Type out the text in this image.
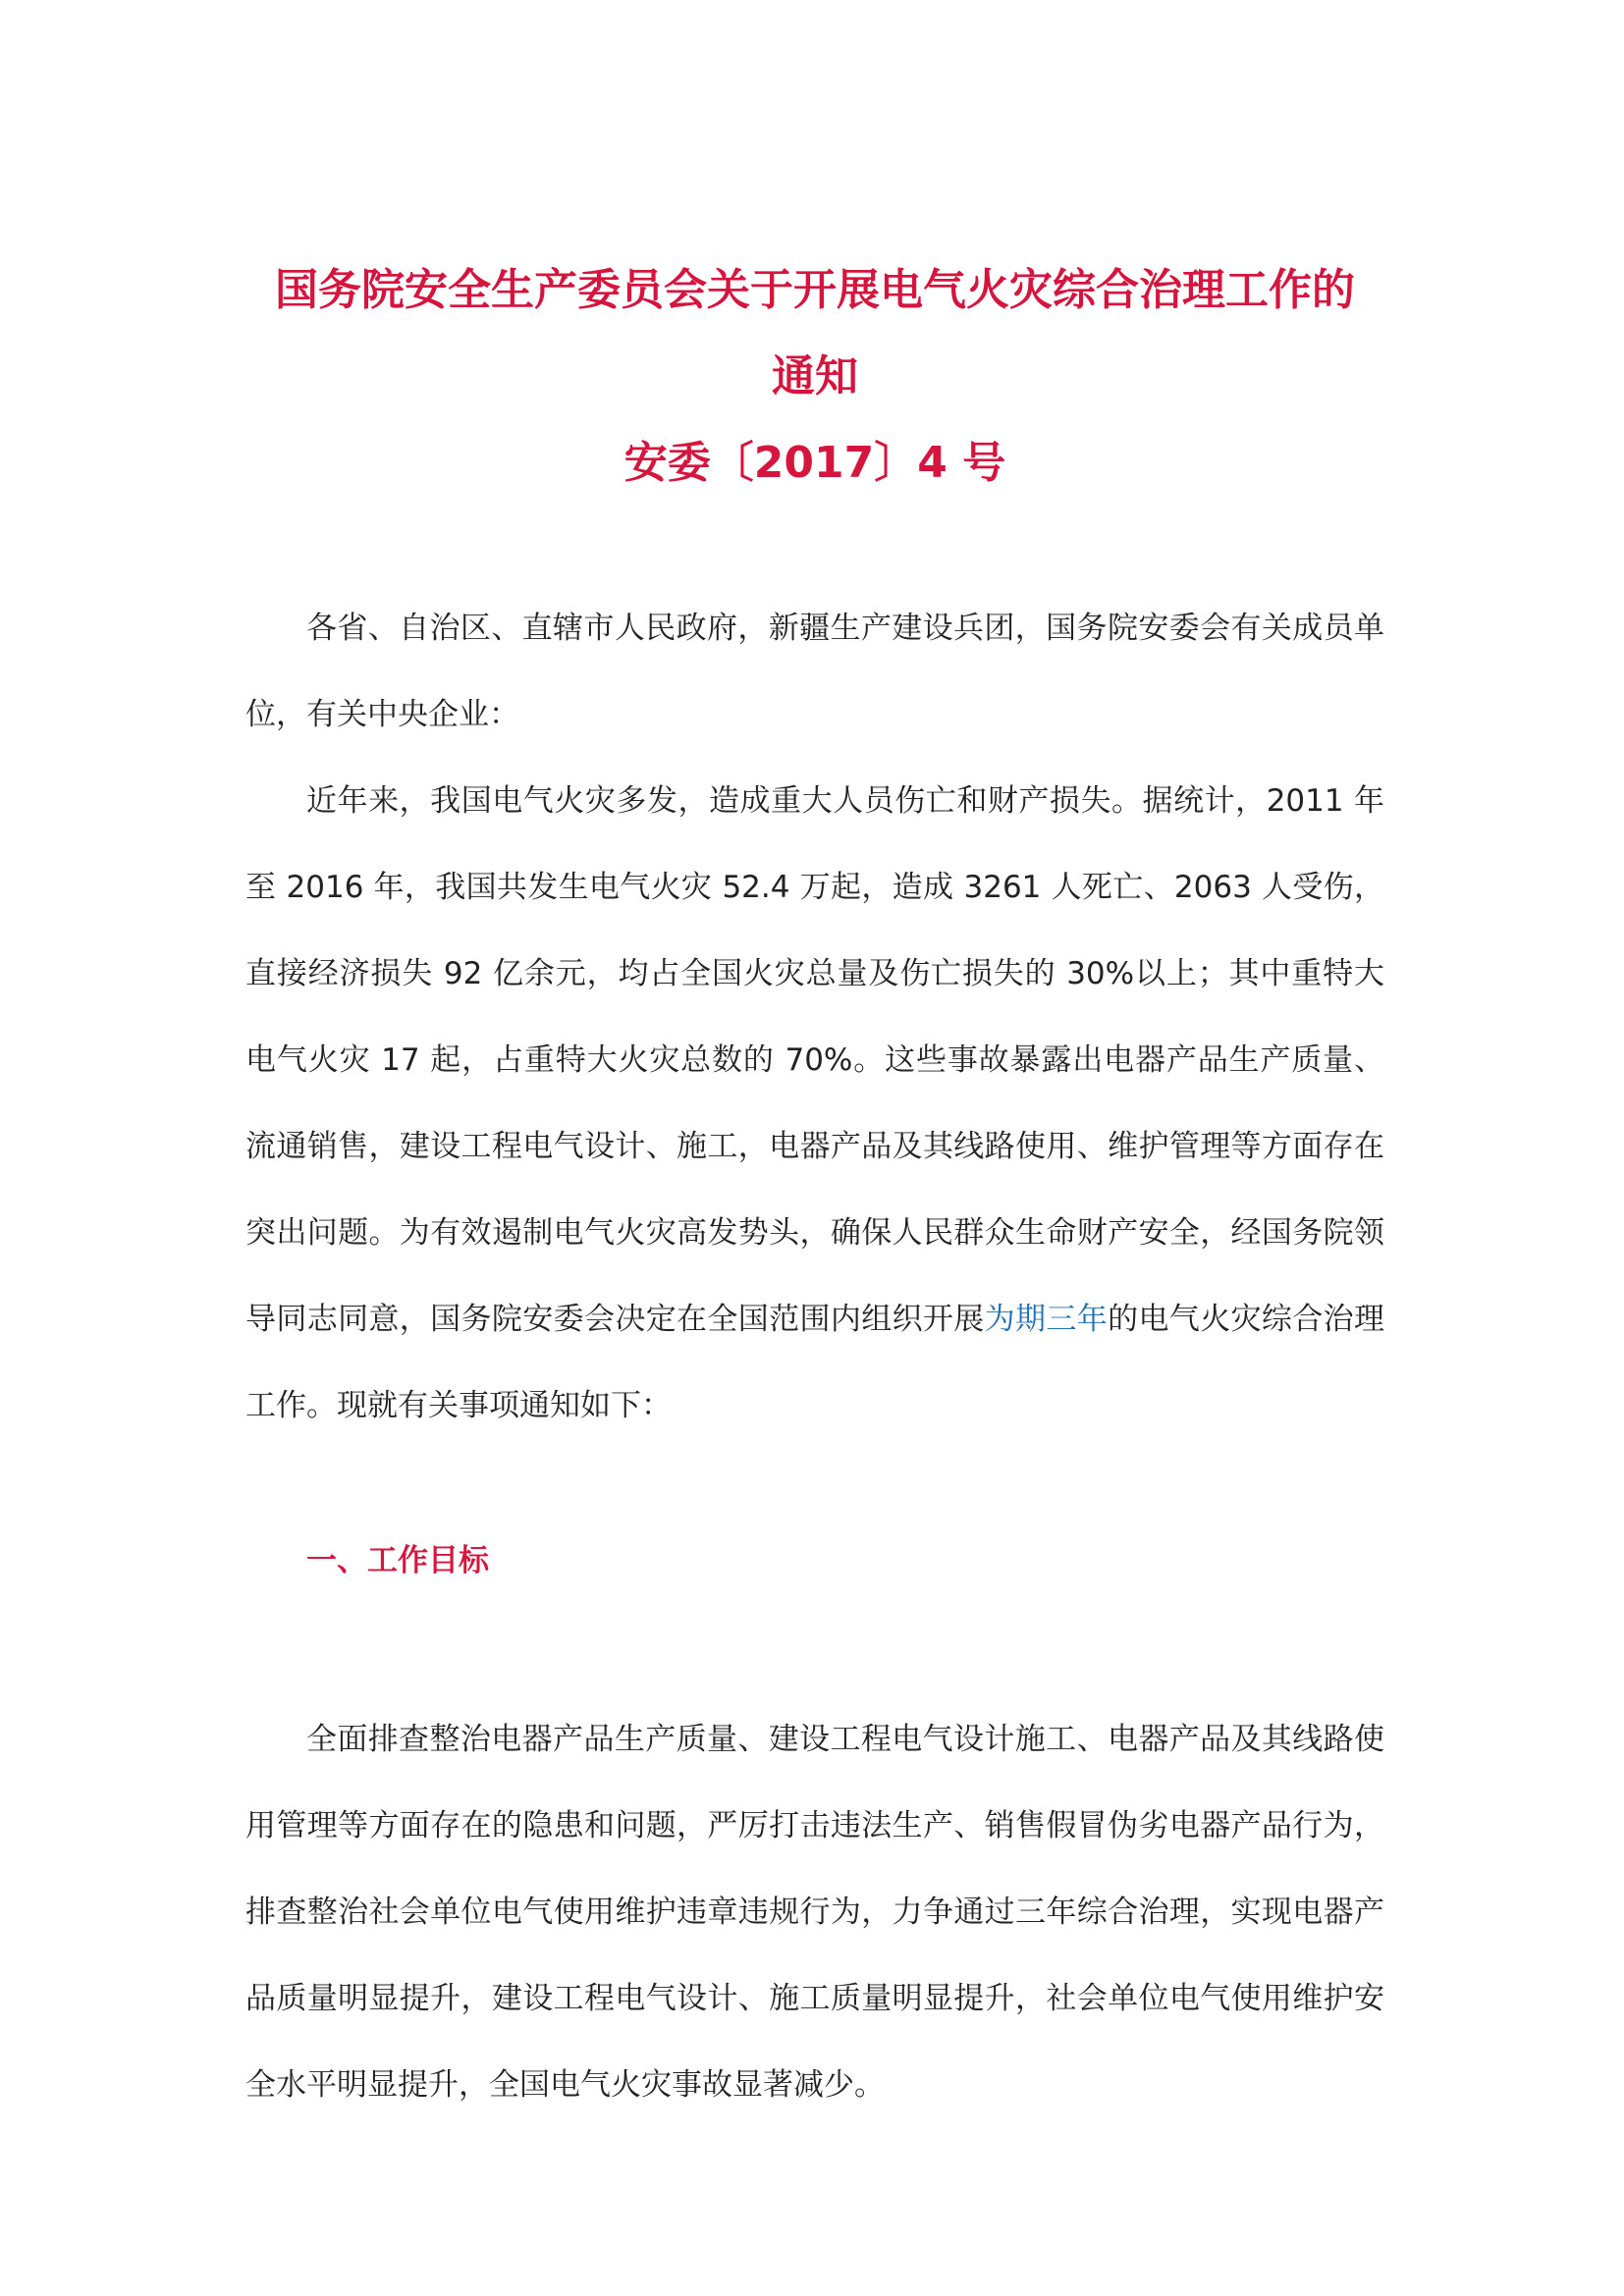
国务院安全生产委员会关于开展电气火灾综合治理工作的
通知
安委〔2017〕4 号

各省、自治区、直辖市人民政府，新疆生产建设兵团，国务院安委会有关成员单位，有关中央企业：

近年来，我国电气火灾多发，造成重大人员伤亡和财产损失。据统计，2011 年至 2016 年，我国共发生电气火灾 52.4 万起，造成 3261 人死亡、2063 人受伤，直接经济损失 92 亿余元，均占全国火灾总量及伤亡损失的 30%以上；其中重特大电气火灾 17 起，占重特大火灾总数的 70%。这些事故暴露出电器产品生产质量、流通销售，建设工程电气设计、施工，电器产品及其线路使用、维护管理等方面存在突出问题。为有效遏制电气火灾高发势头，确保人民群众生命财产安全，经国务院领导同志同意，国务院安委会决定在全国范围内组织开展为期三年的电气火灾综合治理工作。现就有关事项通知如下：

一、工作目标

全面排查整治电器产品生产质量、建设工程电气设计施工、电器产品及其线路使用管理等方面存在的隐患和问题，严厉打击违法生产、销售假冒伪劣电器产品行为，排查整治社会单位电气使用维护违章违规行为，力争通过三年综合治理，实现电器产品质量明显提升，建设工程电气设计、施工质量明显提升，社会单位电气使用维护安全水平明显提升，全国电气火灾事故显著减少。
